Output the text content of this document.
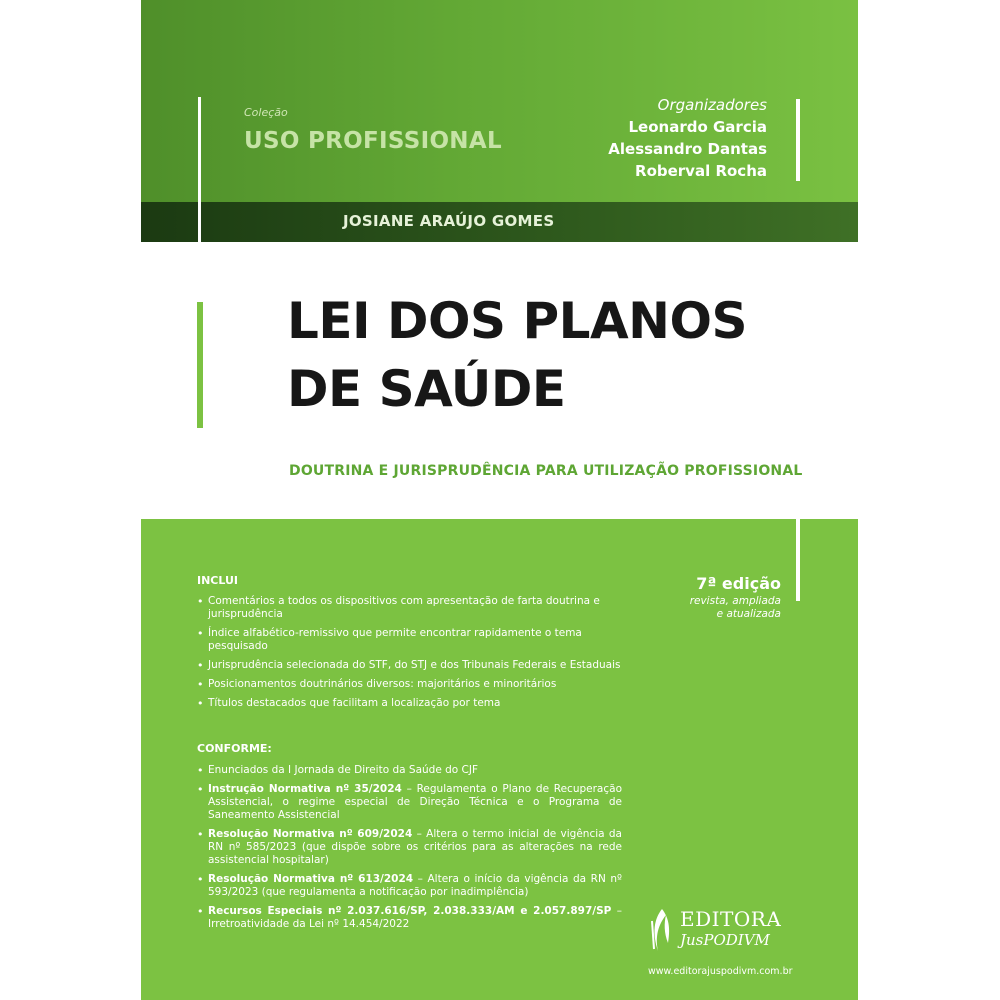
Coleção
USO PROFISSIONAL
Organizadores
Leonardo Garcia
Alessandro Dantas
Roberval Rocha
JOSIANE ARAÚJO GOMES
LEI DOS PLANOS
DE SAÚDE
DOUTRINA E JURISPRUDÊNCIA PARA UTILIZAÇÃO PROFISSIONAL
INCLUI
• Comentários a todos os dispositivos com apresentação de farta doutrina e jurisprudência
• Índice alfabético-remissivo que permite encontrar rapidamente o tema pesquisado
• Jurisprudência selecionada do STF, do STJ e dos Tribunais Federais e Estaduais
• Posicionamentos doutrinários diversos: majoritários e minoritários
• Títulos destacados que facilitam a localização por tema
7ª edição
revista, ampliada
e atualizada
CONFORME:
• Enunciados da I Jornada de Direito da Saúde do CJF
• Instrução Normativa nº 35/2024 – Regulamenta o Plano de Recuperação Assistencial, o regime especial de Direção Técnica e o Programa de Saneamento Assistencial
• Resolução Normativa nº 609/2024 – Altera o termo inicial de vigência da RN nº 585/2023 (que dispõe sobre os critérios para as alterações na rede assistencial hospitalar)
• Resolução Normativa nº 613/2024 – Altera o início da vigência da RN nº 593/2023 (que regulamenta a notificação por inadimplência)
• Recursos Especiais nº 2.037.616/SP, 2.038.333/AM e 2.057.897/SP – Irretroatividade da Lei nº 14.454/2022	EDITORA
JusPODIVM
www.editorajuspodivm.com.br
